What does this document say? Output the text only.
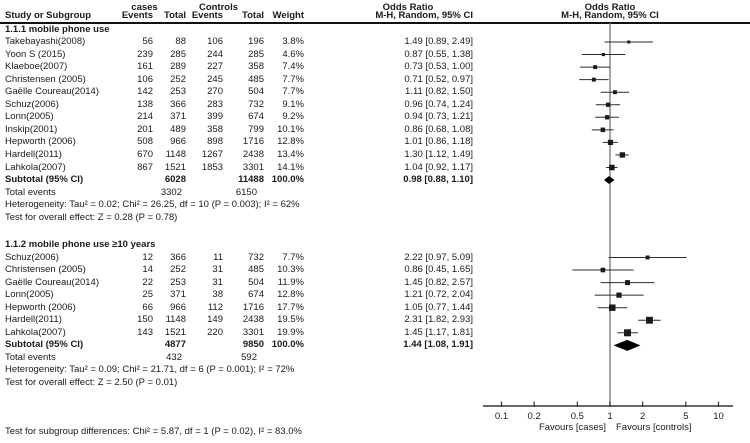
cases	Controls	Odds Ratio	Odds Ratio
Study or Subgroup	Events	Total Events	Total Weight	M-H, Random, 95% CI	M-H, Random, 95% CI
1.1.1 mobile phone use
Takebayashi(2008)	56	88	106	196	3.8%	1.49 [0.89, 2.49]
Yoon S (2015)	239	285	244	285	4.6%	0.87 [0.55, 1.38]
Klaeboe(2007)	161	289	227	358	7.4%	0.73 [0.53, 1.00]
Christensen (2005)	106	252	245	485	7.7%	0.71 [0.52, 0.97]
Gaëlle Coureau(2014)	142	253	270	504	7.7%	1.11 [0.82, 1.50]
Schuz(2006)	138	366	283	732	9.1%	0.96 [0.74, 1.24]
Lonn(2005)	214	371	399	674	9.2%	0.94 [0.73, 1.21]
Inskip(2001)	201	489	358	799	10.1%	0.86 [0.68, 1.08]
Hepworth (2006)	508	966	898	1716	12.8%	1.01 [0.86, 1.18]
Hardell(2011)	670	1148	1267	2438	13.4%	1.30 [1.12, 1.49]
Lahkola(2007)	867	1521	1853	3301	14.1%	1.04 [0.92, 1.17]
Subtotal (95% CI)	6028	11488 100.0%	0.98 [0.88, 1.10]
Total events	3302	6150
Heterogeneity: Tau² = 0.02; Chi² = 26.25, df = 10 (P = 0.003); I² = 62%
Test for overall effect: Z = 0.28 (P = 0.78)
1.1.2 mobile phone use ≥10 years
Schuz(2006)	12	366	11	732	7.7%	2.22 [0.97, 5.09]
Christensen (2005)	14	252	31	485	10.3%	0.86 [0.45, 1.65]
Gaëlle Coureau(2014)	22	253	31	504	11.9%	1.45 [0.82, 2.57]
Lonn(2005)	25	371	38	674	12.8%	1.21 [0.72, 2.04]
Hepworth (2006)	66	966	112	1716	17.7%	1.05 [0.77, 1.44]
Hardell(2011)	150	1148	149	2438	19.5%	2.31 [1.82, 2.93]
Lahkola(2007)	143	1521	220	3301	19.9%	1.45 [1.17, 1.81]
Subtotal (95% CI)	4877	9850 100.0%	1.44 [1.08, 1.91]
Total events	432	592
Heterogeneity: Tau² = 0.09; Chi² = 21.71, df = 6 (P = 0.001); I² = 72%
Test for overall effect: Z = 2.50 (P = 0.01)
Test for subgroup differences: Chi² = 5.87, df = 1 (P = 0.02), I² = 83.0%
0.1 0.2	0.5 1	2	5	10
Favours [cases] Favours [controls]
